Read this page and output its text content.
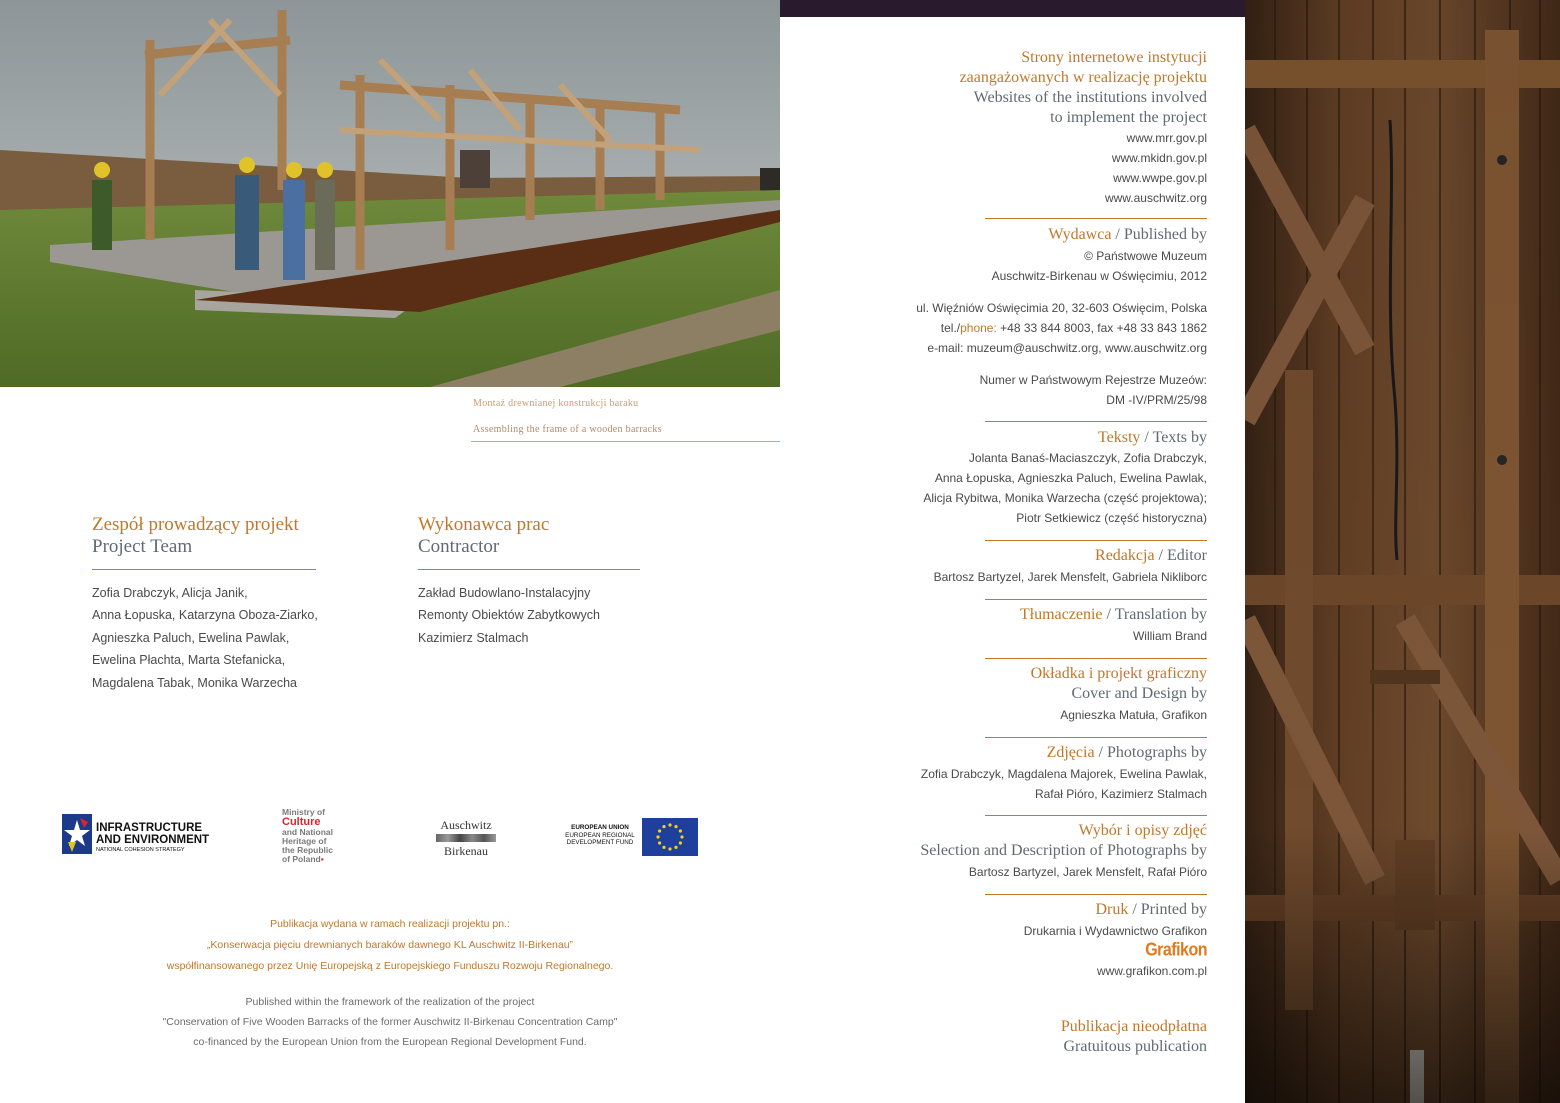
Montaż drewnianej konstrukcji baraku
Assembling the frame of a wooden barracks
Zespół prowadzący projekt
Project Team
Zofia Drabczyk, Alicja Janik,
Anna Łopuska, Katarzyna Oboza-Ziarko,
Agnieszka Paluch, Ewelina Pawlak,
Ewelina Płachta, Marta Stefanicka,
Magdalena Tabak, Monika Warzecha
Wykonawca prac
Contractor
Zakład Budowlano-Instalacyjny
Remonty Obiektów Zabytkowych
Kazimierz Stalmach
INFRASTRUCTURE
AND ENVIRONMENT
NATIONAL COHESION STRATEGY
Ministry of
Culture
and National
Heritage of
the Republic
of Poland▪
Auschwitz
Birkenau
EUROPEAN UNION
EUROPEAN REGIONAL
DEVELOPMENT FUND
Publikacja wydana w ramach realizacji projektu pn.:
„Konserwacja pięciu drewnianych baraków dawnego KL Auschwitz II-Birkenau”
współfinansowanego przez Unię Europejską z Europejskiego Funduszu Rozwoju Regionalnego.
Published within the framework of the realization of the project
"Conservation of Five Wooden Barracks of the former Auschwitz II-Birkenau Concentration Camp"
co-financed by the European Union from the European Regional Development Fund.
Strony internetowe instytucji
zaangażowanych w realizację projektu
Websites of the institutions involved
to implement the project
www.mrr.gov.pl
www.mkidn.gov.pl
www.wwpe.gov.pl
www.auschwitz.org
Wydawca / Published by
© Państwowe Muzeum
Auschwitz-Birkenau w Oświęcimiu, 2012
ul. Więźniów Oświęcimia 20, 32-603 Oświęcim, Polska
tel./phone: +48 33 844 8003, fax +48 33 843 1862
e-mail: muzeum@auschwitz.org, www.auschwitz.org
Numer w Państwowym Rejestrze Muzeów:
DM -IV/PRM/25/98
Teksty / Texts by
Jolanta Banaś-Maciaszczyk, Zofia Drabczyk,
Anna Łopuska, Agnieszka Paluch, Ewelina Pawlak,
Alicja Rybitwa, Monika Warzecha (część projektowa);
Piotr Setkiewicz (część historyczna)
Redakcja / Editor
Bartosz Bartyzel, Jarek Mensfelt, Gabriela Nikliborc
Tłumaczenie / Translation by
William Brand
Okładka i projekt graficzny
Cover and Design by
Agnieszka Matuła, Grafikon
Zdjęcia / Photographs by
Zofia Drabczyk, Magdalena Majorek, Ewelina Pawlak,
Rafał Pióro, Kazimierz Stalmach
Wybór i opisy zdjęć
Selection and Description of Photographs by
Bartosz Bartyzel, Jarek Mensfelt, Rafał Pióro
Druk / Printed by
Drukarnia i Wydawnictwo Grafikon
Grafikon
www.grafikon.com.pl
Publikacja nieodpłatna
Gratuitous publication
